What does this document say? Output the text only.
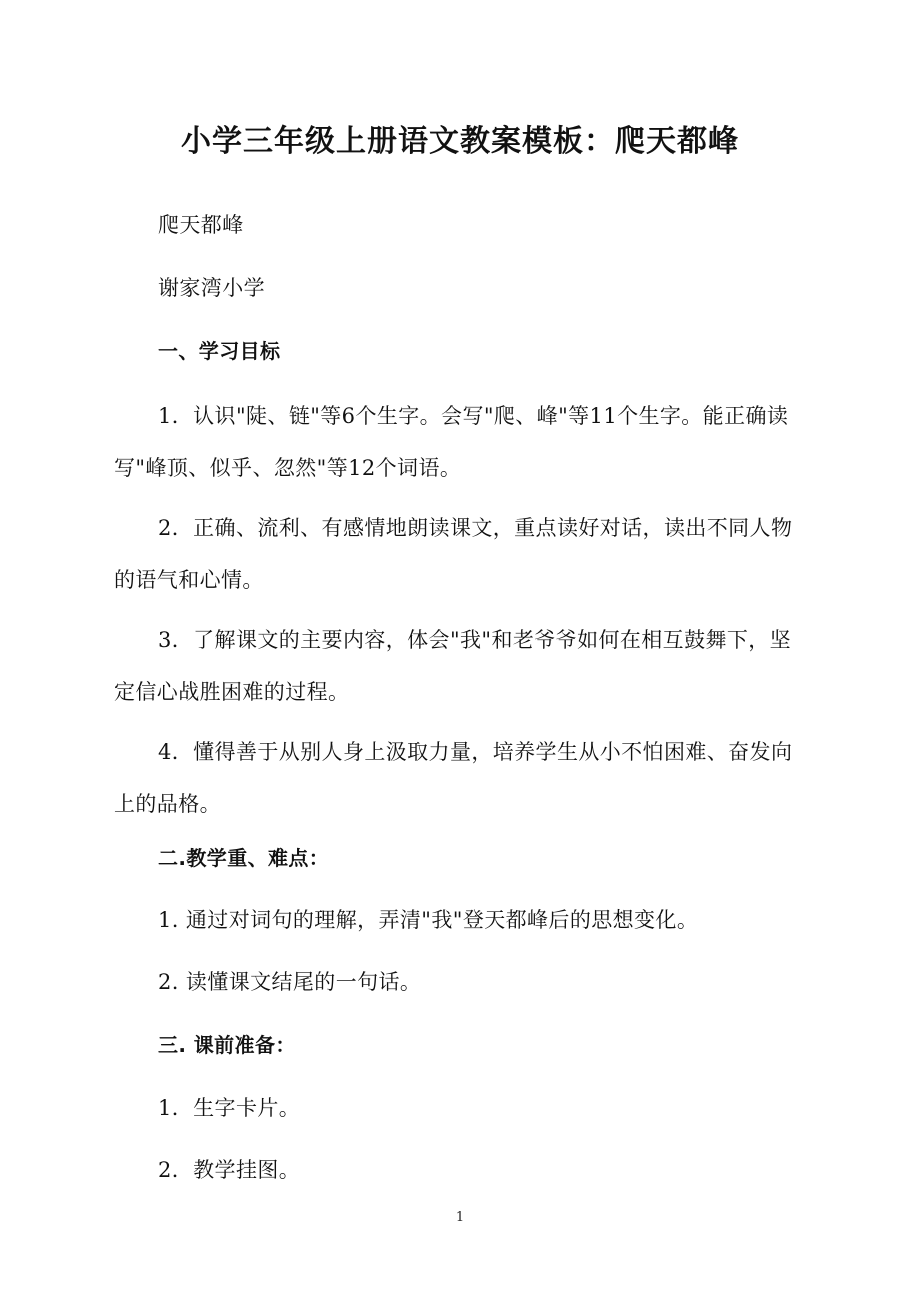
小学三年级上册语文教案模板：爬天都峰

爬天都峰

谢家湾小学

一、学习目标

1．认识"陡、链"等6个生字。会写"爬、峰"等11个生字。能正确读写"峰顶、似乎、忽然"等12个词语。

2．正确、流利、有感情地朗读课文，重点读好对话，读出不同人物的语气和心情。

3．了解课文的主要内容，体会"我"和老爷爷如何在相互鼓舞下，坚定信心战胜困难的过程。

4．懂得善于从别人身上汲取力量，培养学生从小不怕困难、奋发向上的品格。

二.教学重、难点：

1. 通过对词句的理解，弄清"我"登天都峰后的思想变化。

2. 读懂课文结尾的一句话。

三. 课前准备：

1．生字卡片。

2．教学挂图。

1
